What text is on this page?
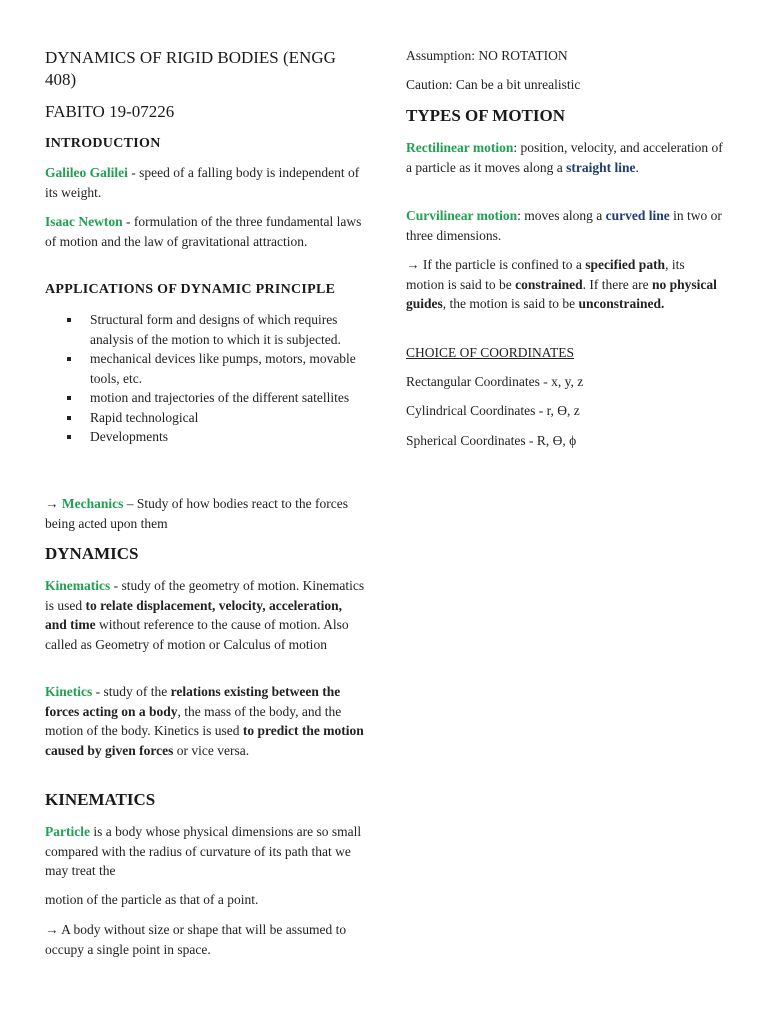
DYNAMICS OF RIGID BODIES (ENGG 408)

FABITO 19-07226

INTRODUCTION

Galileo Galilei - speed of a falling body is independent of its weight.

Isaac Newton - formulation of the three fundamental laws of motion and the law of gravitational attraction.

APPLICATIONS OF DYNAMIC PRINCIPLE

Structural form and designs of which requires analysis of the motion to which it is subjected.
mechanical devices like pumps, motors, movable tools, etc.
motion and trajectories of the different satellites
Rapid technological
Developments

→ Mechanics – Study of how bodies react to the forces being acted upon them

DYNAMICS

Kinematics - study of the geometry of motion. Kinematics is used to relate displacement, velocity, acceleration, and time without reference to the cause of motion. Also called as Geometry of motion or Calculus of motion

Kinetics - study of the relations existing between the forces acting on a body, the mass of the body, and the motion of the body. Kinetics is used to predict the motion caused by given forces or vice versa.

KINEMATICS

Particle is a body whose physical dimensions are so small compared with the radius of curvature of its path that we may treat the

motion of the particle as that of a point.

→ A body without size or shape that will be assumed to occupy a single point in space.

Assumption: NO ROTATION

Caution: Can be a bit unrealistic

TYPES OF MOTION

Rectilinear motion: position, velocity, and acceleration of a particle as it moves along a straight line.

Curvilinear motion: moves along a curved line in two or three dimensions.

→ If the particle is confined to a specified path, its motion is said to be constrained. If there are no physical guides, the motion is said to be unconstrained.

CHOICE OF COORDINATES

Rectangular Coordinates - x, y, z

Cylindrical Coordinates - r, ϴ, z

Spherical Coordinates - R, ϴ, ϕ
